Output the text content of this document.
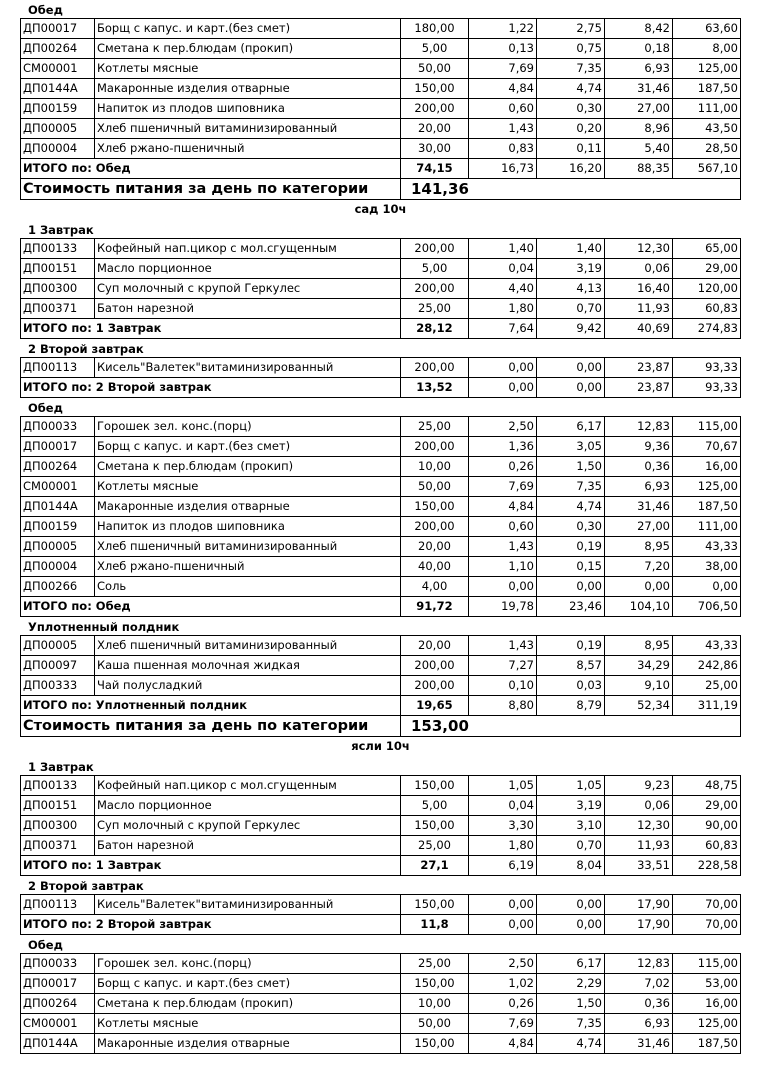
Обед
ДП00017	Борщ с капус. и карт.(без смет)	180,00	1,22	2,75	8,42	63,60
ДП00264	Сметана к пер.блюдам (прокип)	5,00	0,13	0,75	0,18	8,00
СМ00001	Котлеты мясные	50,00	7,69	7,35	6,93	125,00
ДП0144А	Макаронные изделия отварные	150,00	4,84	4,74	31,46	187,50
ДП00159	Напиток из плодов шиповника	200,00	0,60	0,30	27,00	111,00
ДП00005	Хлеб пшеничный витаминизированный	20,00	1,43	0,20	8,96	43,50
ДП00004	Хлеб ржано-пшеничный	30,00	0,83	0,11	5,40	28,50
ИТОГО по: Обед		74,15	16,73	16,20	88,35	567,10
Стоимость питания за день по категории		141,36				
сад 10ч
1 Завтрак
ДП00133	Кофейный нап.цикор с мол.сгущенным	200,00	1,40	1,40	12,30	65,00
ДП00151	Масло порционное	5,00	0,04	3,19	0,06	29,00
ДП00300	Суп молочный с крупой Геркулес	200,00	4,40	4,13	16,40	120,00
ДП00371	Батон нарезной	25,00	1,80	0,70	11,93	60,83
ИТОГО по: 1 Завтрак		28,12	7,64	9,42	40,69	274,83
2 Второй завтрак
ДП00113	Кисель"Валетек"витаминизированный	200,00	0,00	0,00	23,87	93,33
ИТОГО по: 2 Второй завтрак		13,52	0,00	0,00	23,87	93,33
Обед
ДП00033	Горошек зел. конс.(порц)	25,00	2,50	6,17	12,83	115,00
ДП00017	Борщ с капус. и карт.(без смет)	200,00	1,36	3,05	9,36	70,67
ДП00264	Сметана к пер.блюдам (прокип)	10,00	0,26	1,50	0,36	16,00
СМ00001	Котлеты мясные	50,00	7,69	7,35	6,93	125,00
ДП0144А	Макаронные изделия отварные	150,00	4,84	4,74	31,46	187,50
ДП00159	Напиток из плодов шиповника	200,00	0,60	0,30	27,00	111,00
ДП00005	Хлеб пшеничный витаминизированный	20,00	1,43	0,19	8,95	43,33
ДП00004	Хлеб ржано-пшеничный	40,00	1,10	0,15	7,20	38,00
ДП00266	Соль	4,00	0,00	0,00	0,00	0,00
ИТОГО по: Обед		91,72	19,78	23,46	104,10	706,50
Уплотненный полдник
ДП00005	Хлеб пшеничный витаминизированный	20,00	1,43	0,19	8,95	43,33
ДП00097	Каша пшенная молочная жидкая	200,00	7,27	8,57	34,29	242,86
ДП00333	Чай полусладкий	200,00	0,10	0,03	9,10	25,00
ИТОГО по: Уплотненный полдник		19,65	8,80	8,79	52,34	311,19
Стоимость питания за день по категории		153,00				
ясли 10ч
1 Завтрак
ДП00133	Кофейный нап.цикор с мол.сгущенным	150,00	1,05	1,05	9,23	48,75
ДП00151	Масло порционное	5,00	0,04	3,19	0,06	29,00
ДП00300	Суп молочный с крупой Геркулес	150,00	3,30	3,10	12,30	90,00
ДП00371	Батон нарезной	25,00	1,80	0,70	11,93	60,83
ИТОГО по: 1 Завтрак		27,1	6,19	8,04	33,51	228,58
2 Второй завтрак
ДП00113	Кисель"Валетек"витаминизированный	150,00	0,00	0,00	17,90	70,00
ИТОГО по: 2 Второй завтрак		11,8	0,00	0,00	17,90	70,00
Обед
ДП00033	Горошек зел. конс.(порц)	25,00	2,50	6,17	12,83	115,00
ДП00017	Борщ с капус. и карт.(без смет)	150,00	1,02	2,29	7,02	53,00
ДП00264	Сметана к пер.блюдам (прокип)	10,00	0,26	1,50	0,36	16,00
СМ00001	Котлеты мясные	50,00	7,69	7,35	6,93	125,00
ДП0144А	Макаронные изделия отварные	150,00	4,84	4,74	31,46	187,50
